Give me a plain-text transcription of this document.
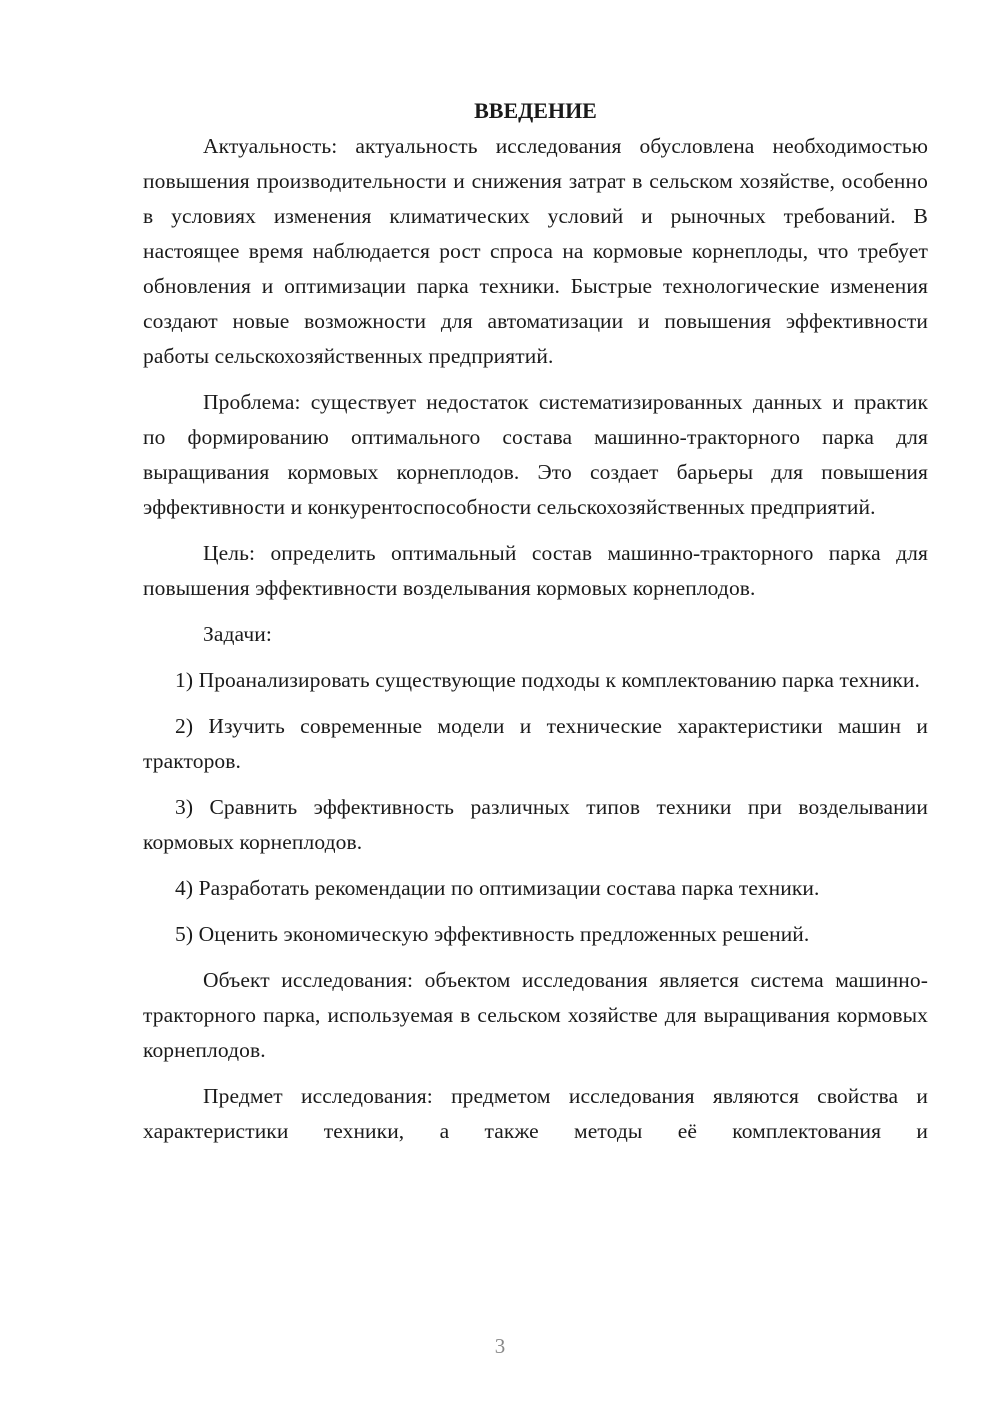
ВВЕДЕНИЕ

Актуальность: актуальность исследования обусловлена необходимостью повышения производительности и снижения затрат в сельском хозяйстве, особенно в условиях изменения климатических условий и рыночных требований. В настоящее время наблюдается рост спроса на кормовые корнеплоды, что требует обновления и оптимизации парка техники. Быстрые технологические изменения создают новые возможности для автоматизации и повышения эффективности работы сельскохозяйственных предприятий.

Проблема: существует недостаток систематизированных данных и практик по формированию оптимального состава машинно-тракторного парка для выращивания кормовых корнеплодов. Это создает барьеры для повышения эффективности и конкурентоспособности сельскохозяйственных предприятий.

Цель: определить оптимальный состав машинно-тракторного парка для повышения эффективности возделывания кормовых корнеплодов.

Задачи:

1) Проанализировать существующие подходы к комплектованию парка техники.

2) Изучить современные модели и технические характеристики машин и тракторов.

3) Сравнить эффективность различных типов техники при возделывании кормовых корнеплодов.

4) Разработать рекомендации по оптимизации состава парка техники.

5) Оценить экономическую эффективность предложенных решений.

Объект исследования: объектом исследования является система машинно-тракторного парка, используемая в сельском хозяйстве для выращивания кормовых корнеплодов.

Предмет исследования: предметом исследования являются свойства и характеристики техники, а также методы её комплектования и

3
